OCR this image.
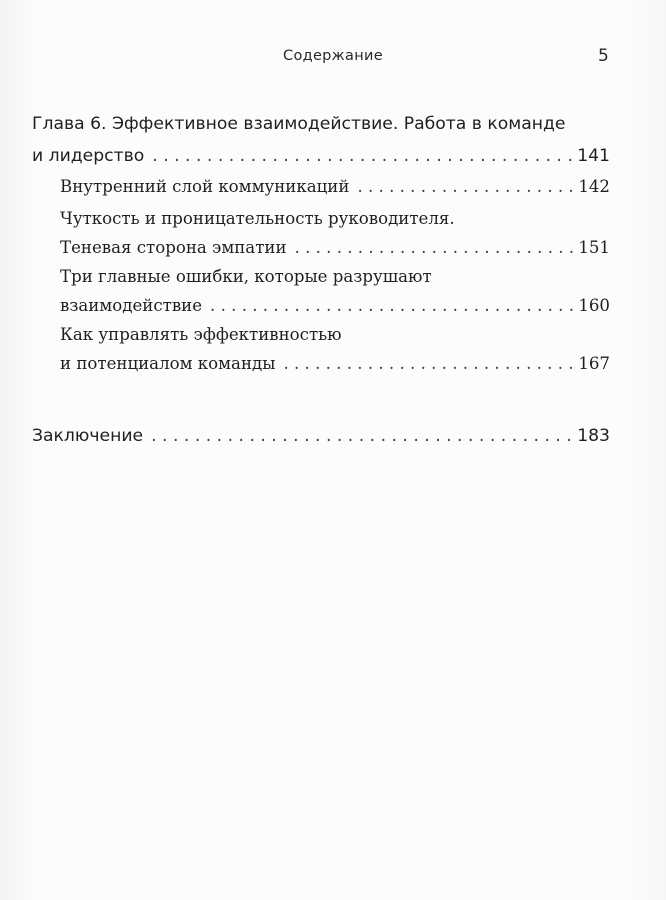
Содержание	5
Глава 6. Эффективное взаимодействие. Работа в команде
и лидерство . . .	141
Внутренний слой коммуникаций . . .	142
Чуткость и проницательность руководителя.
Теневая сторона эмпатии . . .	151
Три главные ошибки, которые разрушают
взаимодействие . . .	160
Как управлять эффективностью
и потенциалом команды . . .	167
Заключение . . .	183
